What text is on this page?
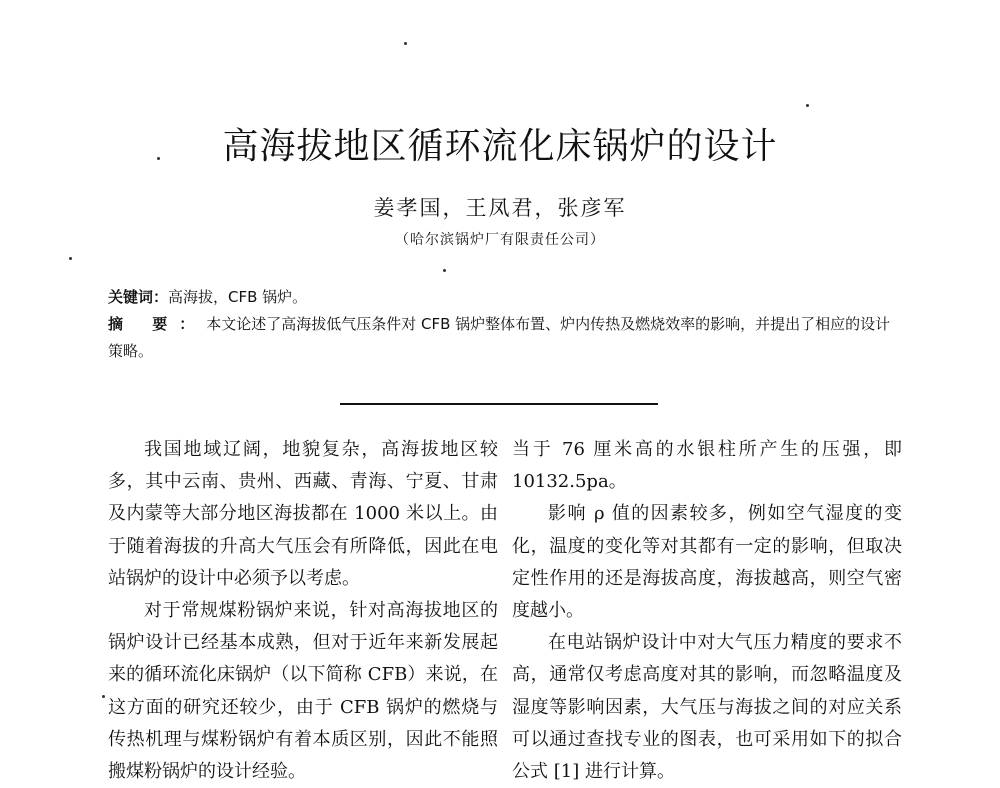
高海拔地区循环流化床锅炉的设计
姜孝国，王凤君，张彦军
（哈尔滨锅炉厂有限责任公司）
关键词：高海拔，CFB 锅炉。
摘 要：本文论述了高海拔低气压条件对 CFB 锅炉整体布置、炉内传热及燃烧效率的影响，并提出了相应的设计策略。

我国地域辽阔，地貌复杂，高海拔地区较多，其中云南、贵州、西藏、青海、宁夏、甘肃及内蒙等大部分地区海拔都在 1000 米以上。由于随着海拔的升高大气压会有所降低，因此在电站锅炉的设计中必须予以考虑。

对于常规煤粉锅炉来说，针对高海拔地区的锅炉设计已经基本成熟，但对于近年来新发展起来的循环流化床锅炉（以下简称 CFB）来说，在这方面的研究还较少，由于 CFB 锅炉的燃烧与传热机理与煤粉锅炉有着本质区别，因此不能照搬煤粉锅炉的设计经验。

当于 76 厘米高的水银柱所产生的压强，即 10132.5pa。

影响 ρ 值的因素较多，例如空气湿度的变化，温度的变化等对其都有一定的影响，但取决定性作用的还是海拔高度，海拔越高，则空气密度越小。

在电站锅炉设计中对大气压力精度的要求不高，通常仅考虑高度对其的影响，而忽略温度及湿度等影响因素，大气压与海拔之间的对应关系可以通过查找专业的图表，也可采用如下的拟合公式 [1] 进行计算。
